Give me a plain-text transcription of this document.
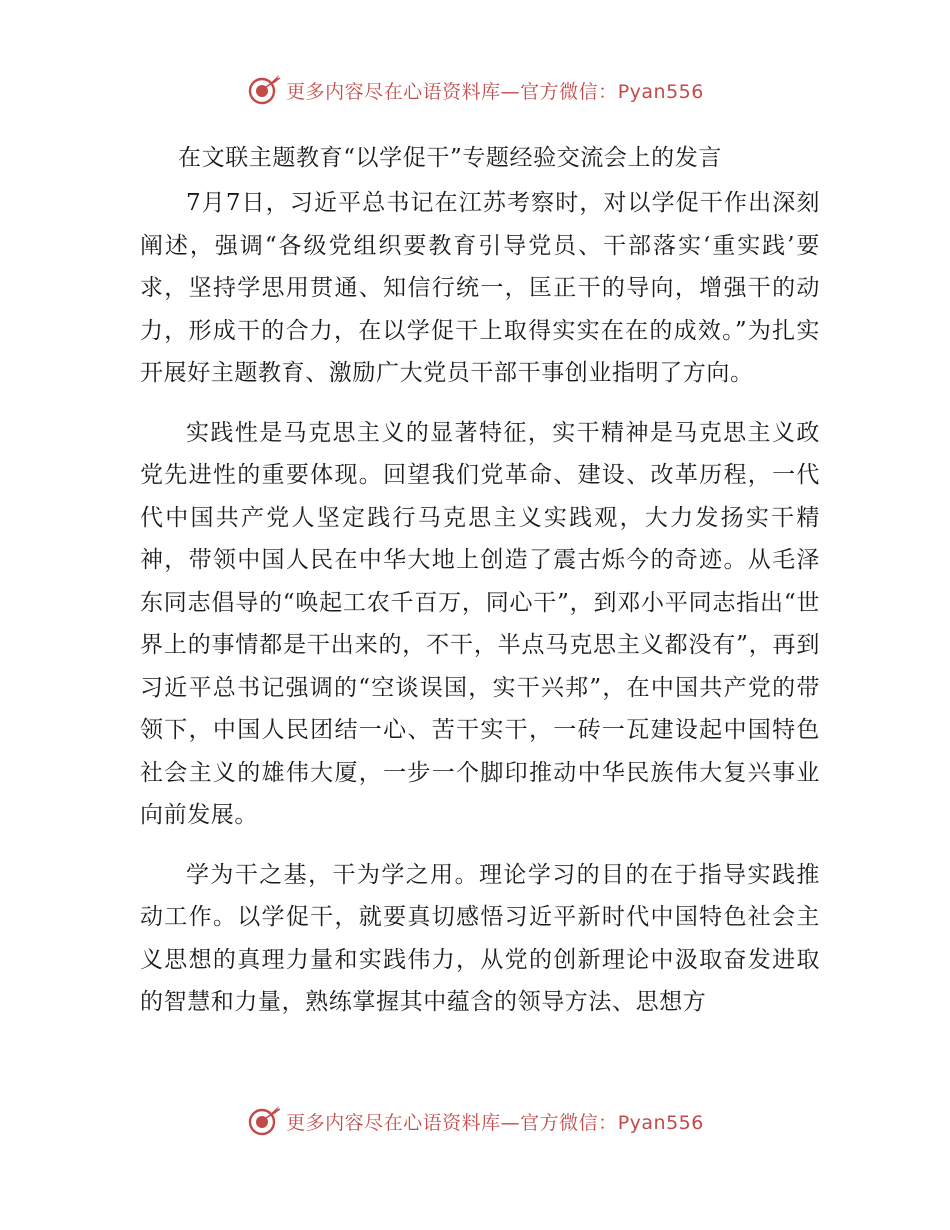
更多内容尽在心语资料库—官方微信：Pyan556
在文联主题教育“以学促干”专题经验交流会上的发言

7月7日，习近平总书记在江苏考察时，对以学促干作出深刻阐述，强调“各级党组织要教育引导党员、干部落实‘重实践’要求，坚持学思用贯通、知信行统一，匡正干的导向，增强干的动力，形成干的合力，在以学促干上取得实实在在的成效。”为扎实开展好主题教育、激励广大党员干部干事创业指明了方向。

实践性是马克思主义的显著特征，实干精神是马克思主义政党先进性的重要体现。回望我们党革命、建设、改革历程，一代代中国共产党人坚定践行马克思主义实践观，大力发扬实干精神，带领中国人民在中华大地上创造了震古烁今的奇迹。从毛泽东同志倡导的“唤起工农千百万，同心干”，到邓小平同志指出“世界上的事情都是干出来的，不干，半点马克思主义都没有”，再到习近平总书记强调的“空谈误国，实干兴邦”，在中国共产党的带领下，中国人民团结一心、苦干实干，一砖一瓦建设起中国特色社会主义的雄伟大厦，一步一个脚印推动中华民族伟大复兴事业向前发展。

学为干之基，干为学之用。理论学习的目的在于指导实践推动工作。以学促干，就要真切感悟习近平新时代中国特色社会主义思想的真理力量和实践伟力，从党的创新理论中汲取奋发进取的智慧和力量，熟练掌握其中蕴含的领导方法、思想方

更多内容尽在心语资料库—官方微信：Pyan556
